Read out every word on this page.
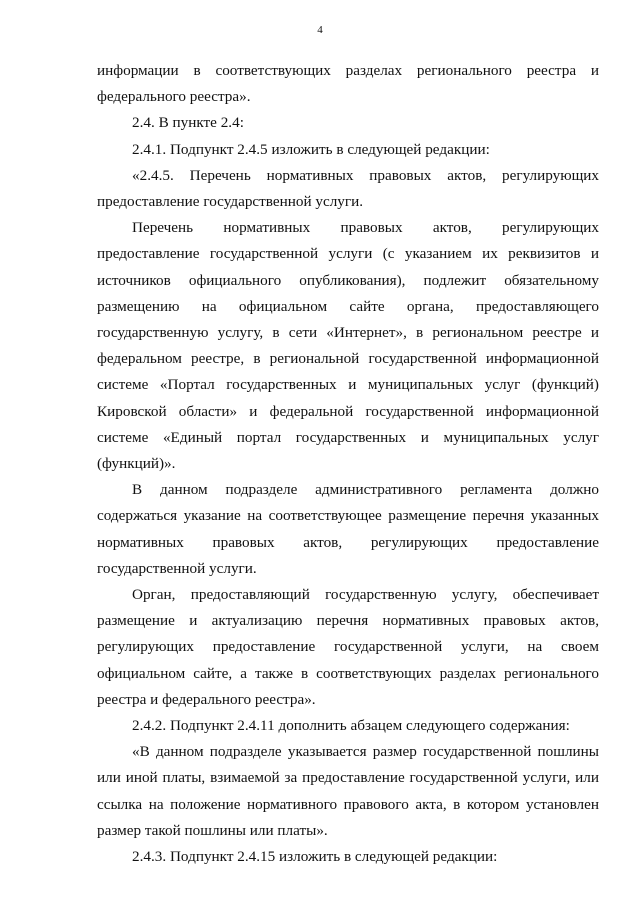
4
информации в соответствующих разделах регионального реестра и
федерального реестра».
2.4. В пункте 2.4:
2.4.1. Подпункт 2.4.5 изложить в следующей редакции:
«2.4.5. Перечень нормативных правовых актов, регулирующих
предоставление государственной услуги.
Перечень нормативных правовых актов, регулирующих
предоставление государственной услуги (с указанием их реквизитов и
источников официального опубликования), подлежит обязательному
размещению на официальном сайте органа, предоставляющего
государственную услугу, в сети «Интернет», в региональном реестре и
федеральном реестре, в региональной государственной информационной
системе «Портал государственных и муниципальных услуг (функций)
Кировской области» и федеральной государственной информационной
системе «Единый портал государственных и муниципальных услуг
(функций)».
В данном подразделе административного регламента должно
содержаться указание на соответствующее размещение перечня указанных
нормативных правовых актов, регулирующих предоставление
государственной услуги.
Орган, предоставляющий государственную услугу, обеспечивает
размещение и актуализацию перечня нормативных правовых актов,
регулирующих предоставление государственной услуги, на своем
официальном сайте, а также в соответствующих разделах регионального
реестра и федерального реестра».
2.4.2. Подпункт 2.4.11 дополнить абзацем следующего содержания:
«В данном подразделе указывается размер государственной пошлины
или иной платы, взимаемой за предоставление государственной услуги, или
ссылка на положение нормативного правового акта, в котором установлен
размер такой пошлины или платы».
2.4.3. Подпункт 2.4.15 изложить в следующей редакции:
